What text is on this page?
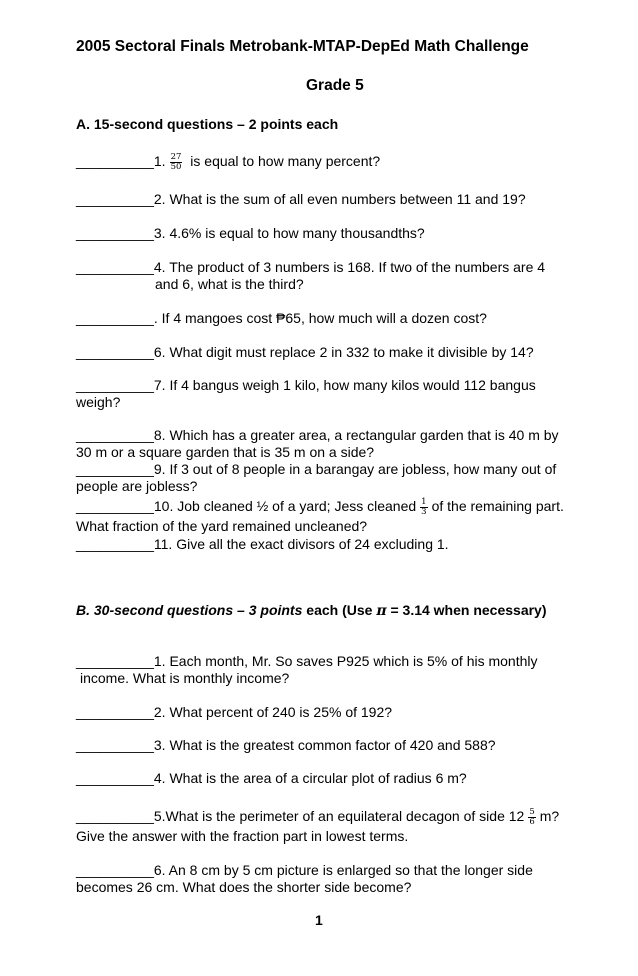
2005 Sectoral Finals Metrobank-MTAP-DepEd Math Challenge
Grade 5
A. 15-second questions – 2 points each
__________1. $\frac{27}{50}$ is equal to how many percent?
__________2. What is the sum of all even numbers between 11 and 19?
__________3. 4.6% is equal to how many thousandths?
__________4. The product of 3 numbers is 168. If two of the numbers are 4
and 6, what is the third?
__________. If 4 mangoes cost ₱65, how much will a dozen cost?
__________6. What digit must replace 2 in 332 to make it divisible by 14?
__________7. If 4 bangus weigh 1 kilo, how many kilos would 112 bangus
weigh?
__________8. Which has a greater area, a rectangular garden that is 40 m by
30 m or a square garden that is 35 m on a side?
__________9. If 3 out of 8 people in a barangay are jobless, how many out of
people are jobless?
__________10. Job cleaned ½ of a yard; Jess cleaned $\frac{1}{3}$ of the remaining part.
What fraction of the yard remained uncleaned?
__________11. Give all the exact divisors of 24 excluding 1.
B. 30-second questions – 3 points each (Use π = 3.14 when necessary)
__________1. Each month, Mr. So saves P925 which is 5% of his monthly
income. What is monthly income?
__________2. What percent of 240 is 25% of 192?
__________3. What is the greatest common factor of 420 and 588?
__________4. What is the area of a circular plot of radius 6 m?
__________5.What is the perimeter of an equilateral decagon of side $12 \frac{5}{6} m$?
Give the answer with the fraction part in lowest terms.
__________6. An 8 cm by 5 cm picture is enlarged so that the longer side
becomes 26 cm. What does the shorter side become?
1
